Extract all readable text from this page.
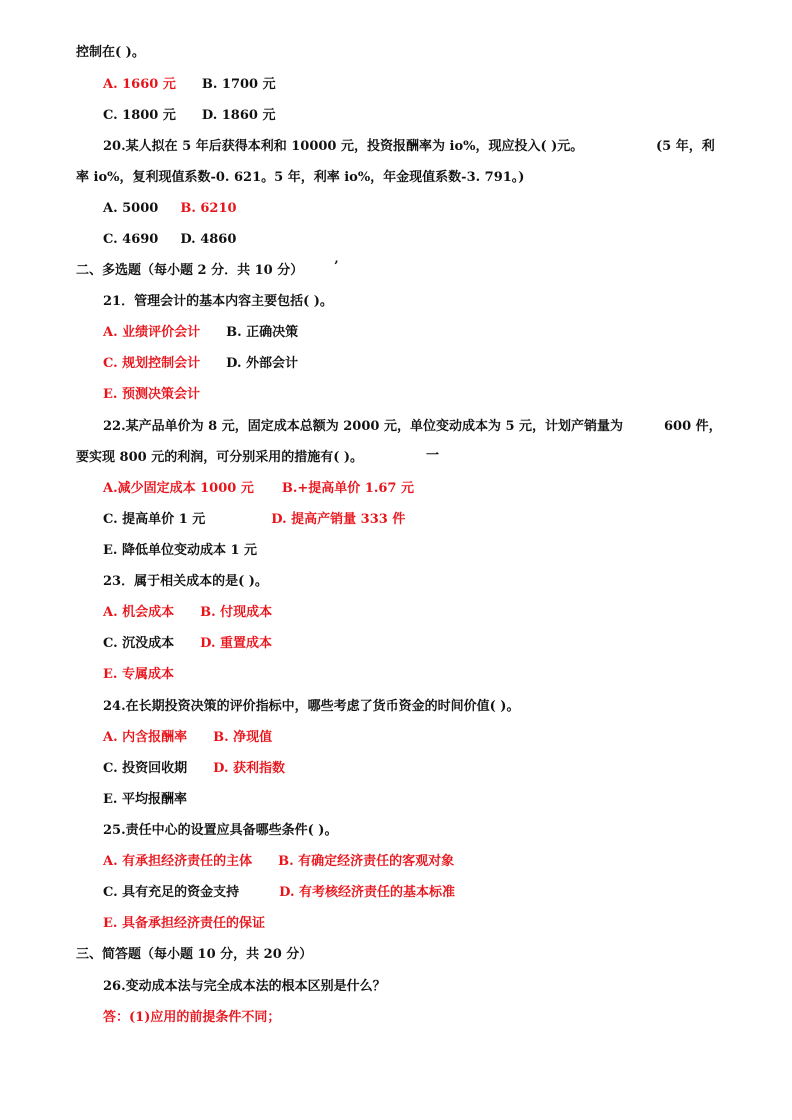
控制在( )。
A. 1660 元 B. 1700 元
C. 1800 元 D. 1860 元
20.某人拟在 5 年后获得本利和 10000 元，投资报酬率为 io%，现应投入( )元。	(5 年，利
率 io%，复利现值系数-0. 621。5 年，利率 io%，年金现值系数-3. 791。)
A. 5000 B. 6210
C. 4690 D. 4860
二、多选题（每小题 2 分．共 10 分） ’
21．管理会计的基本内容主要包括( )。
A. 业绩评价会计 B. 正确决策
C. 规划控制会计 D. 外部会计
E. 预测决策会计
22.某产品单价为 8 元，固定成本总额为 2000 元，单位变动成本为 5 元，计划产销量为	600 件，
要实现 800 元的利润，可分别采用的措施有( )。	一
A.减少固定成本 1000 元 B.+提高单价 1.67 元
C. 提高单价 1 元	D. 提高产销量 333 件
E. 降低单位变动成本 1 元
23．属于相关成本的是( )。
A. 机会成本 B. 付现成本
C. 沉没成本 D. 重置成本
E. 专属成本
24.在长期投资决策的评价指标中，哪些考虑了货币资金的时间价值( )。
A. 内含报酬率 B. 净现值
C. 投资回收期 D. 获利指数
E. 平均报酬率
25.责任中心的设置应具备哪些条件( )。
A. 有承担经济责任的主体 B. 有确定经济责任的客观对象
C. 具有充足的资金支持	D. 有考核经济责任的基本标准
E. 具备承担经济责任的保证
三、简答题（每小题 10 分，共 20 分）
26.变动成本法与完全成本法的根本区别是什么？
答：(1)应用的前提条件不同；
